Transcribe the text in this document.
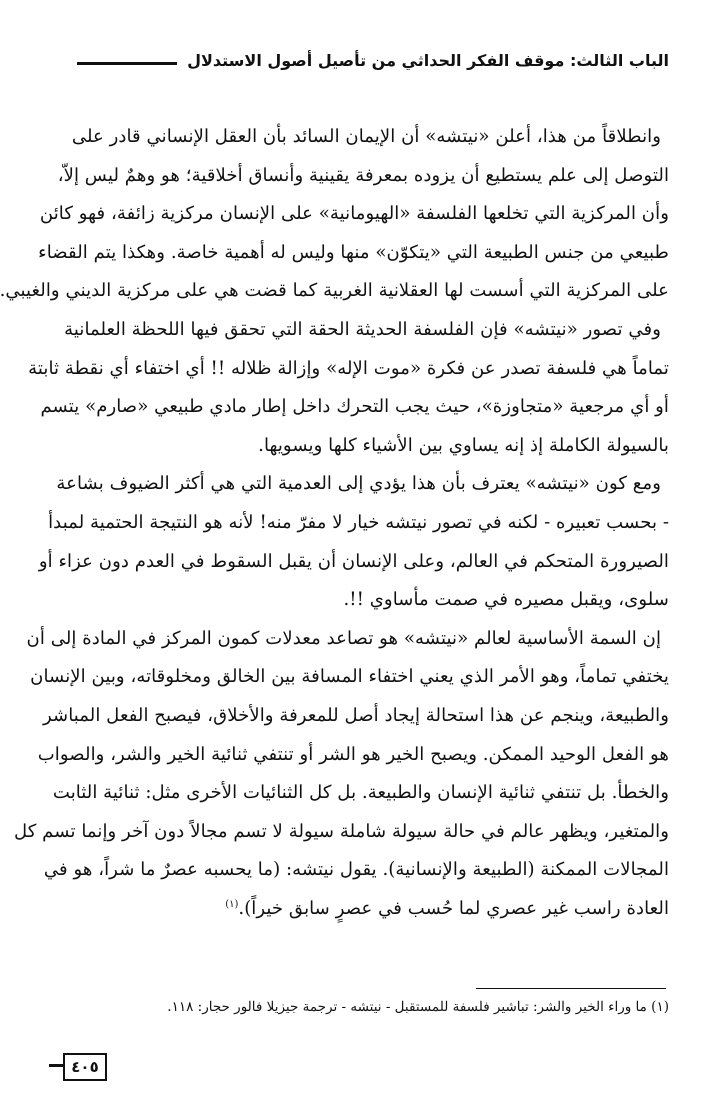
الباب الثالث: موقف الفكر الحداثي من تأصيل أصول الاستدلال
وانطلاقاً من هذا، أعلن «نيتشه» أن الإيمان السائد بأن العقل الإنساني قادر على
التوصل إلى علم يستطيع أن يزوده بمعرفة يقينية وأنساق أخلاقية؛ هو وهمٌ ليس إلاّ،
وأن المركزية التي تخلعها الفلسفة «الهيومانية» على الإنسان مركزية زائفة، فهو كائن
طبيعي من جنس الطبيعة التي «يتكوّن» منها وليس له أهمية خاصة. وهكذا يتم القضاء
على المركزية التي أسست لها العقلانية الغربية كما قضت هي على مركزية الديني والغيبي.
وفي تصور «نيتشه» فإن الفلسفة الحديثة الحقة التي تحقق فيها اللحظة العلمانية
تماماً هي فلسفة تصدر عن فكرة «موت الإله» وإزالة ظلاله !! أي اختفاء أي نقطة ثابتة
أو أي مرجعية «متجاوزة»، حيث يجب التحرك داخل إطار مادي طبيعي «صارم» يتسم
بالسيولة الكاملة إذ إنه يساوي بين الأشياء كلها ويسويها.
ومع كون «نيتشه» يعترف بأن هذا يؤدي إلى العدمية التي هي أكثر الضيوف بشاعة
- بحسب تعبيره - لكنه في تصور نيتشه خيار لا مفرّ منه! لأنه هو النتيجة الحتمية لمبدأ
الصيرورة المتحكم في العالم، وعلى الإنسان أن يقبل السقوط في العدم دون عزاء أو
سلوى، ويقبل مصيره في صمت مأساوي !!.
إن السمة الأساسية لعالم «نيتشه» هو تصاعد معدلات كمون المركز في المادة إلى أن
يختفي تماماً، وهو الأمر الذي يعني اختفاء المسافة بين الخالق ومخلوقاته، وبين الإنسان
والطبيعة، وينجم عن هذا استحالة إيجاد أصل للمعرفة والأخلاق، فيصبح الفعل المباشر
هو الفعل الوحيد الممكن. ويصبح الخير هو الشر أو تنتفي ثنائية الخير والشر، والصواب
والخطأ. بل تنتفي ثنائية الإنسان والطبيعة. بل كل الثنائيات الأخرى مثل: ثنائية الثابت
والمتغير، ويظهر عالم في حالة سيولة شاملة سيولة لا تسم مجالاً دون آخر وإنما تسم كل
المجالات الممكنة (الطبيعة والإنسانية). يقول نيتشه: (ما يحسبه عصرٌ ما شراً، هو في
العادة راسب غير عصري لما حُسب في عصرٍ سابق خيراً).$^{(١)}$
(١) ما وراء الخير والشر: تباشير فلسفة للمستقبل - نيتشه - ترجمة جيزيلا فالور حجار: ١١٨.
٤٠٥
